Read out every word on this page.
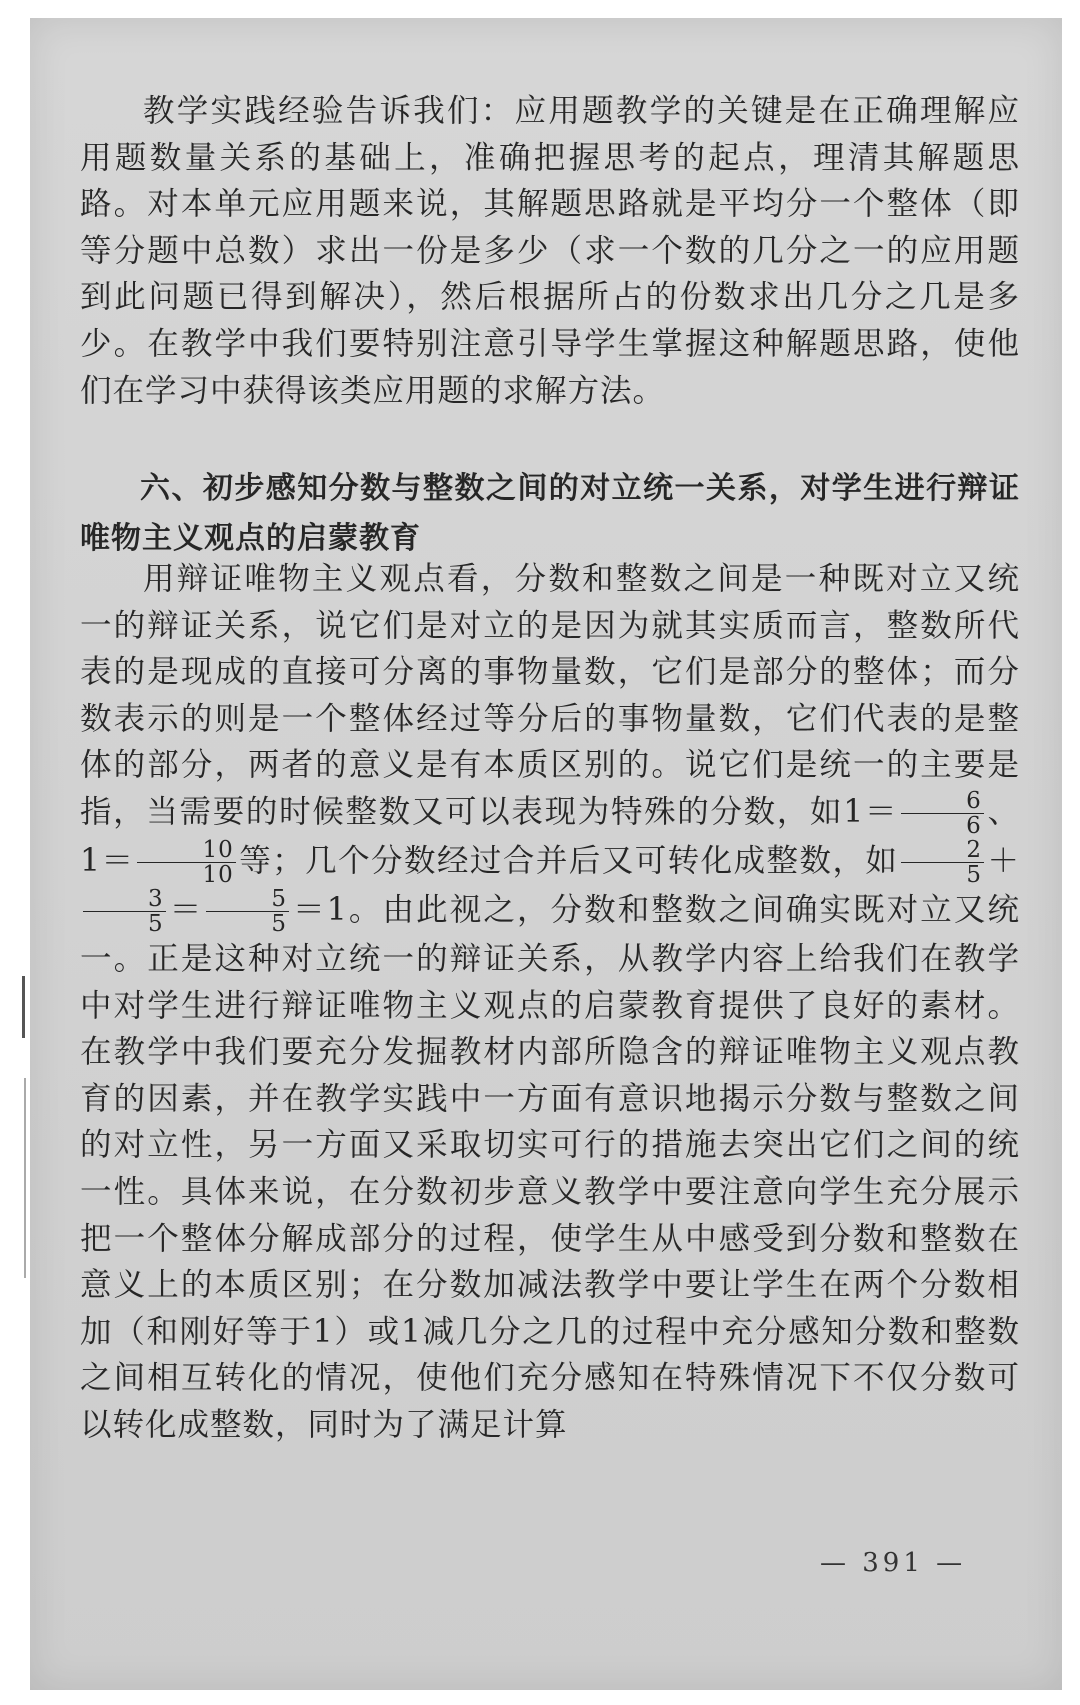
教学实践经验告诉我们：应用题教学的关键是在正确理解应用题数量关系的基础上，准确把握思考的起点，理清其解题思路。对本单元应用题来说，其解题思路就是平均分一个整体（即等分题中总数）求出一份是多少（求一个数的几分之一的应用题到此问题已得到解决），然后根据所占的份数求出几分之几是多少。在教学中我们要特别注意引导学生掌握这种解题思路，使他们在学习中获得该类应用题的求解方法。

六、初步感知分数与整数之间的对立统一关系，对学生进行辩证唯物主义观点的启蒙教育

用辩证唯物主义观点看，分数和整数之间是一种既对立又统一的辩证关系，说它们是对立的是因为就其实质而言，整数所代表的是现成的直接可分离的事物量数，它们是部分的整体；而分数表示的则是一个整体经过等分后的事物量数，它们代表的是整体的部分，两者的意义是有本质区别的。说它们是统一的主要是指，当需要的时候整数又可以表现为特殊的分数，如$1= \frac{6}{6}$ 、$1= \frac{10}{10}$ 等；几个分数经过合并后又可转化成整数，如 $\frac{2}{5}$ ＋
$\frac{3}{5} = \frac{5}{5} =1$。由此视之，分数和整数之间确实既对立又统一。正是这种对立统一的辩证关系，从教学内容上给我们在教学中对学生进行辩证唯物主义观点的启蒙教育提供了良好的素材。在教学中我们要充分发掘教材内部所隐含的辩证唯物主义观点教育的因素，并在教学实践中一方面有意识地揭示分数与整数之间的对立性，另一方面又采取切实可行的措施去突出它们之间的统一性。具体来说，在分数初步意义教学中要注意向学生充分展示把一个整体分解成部分的过程，使学生从中感受到分数和整数在意义上的本质区别；在分数加减法教学中要让学生在两个分数相加（和刚好等于1）或1减几分之几的过程中充分感知分数和整数之间相互转化的情况，使他们充分感知在特殊情况下不仅分数可以转化成整数，同时为了满足计算

— 391 —
